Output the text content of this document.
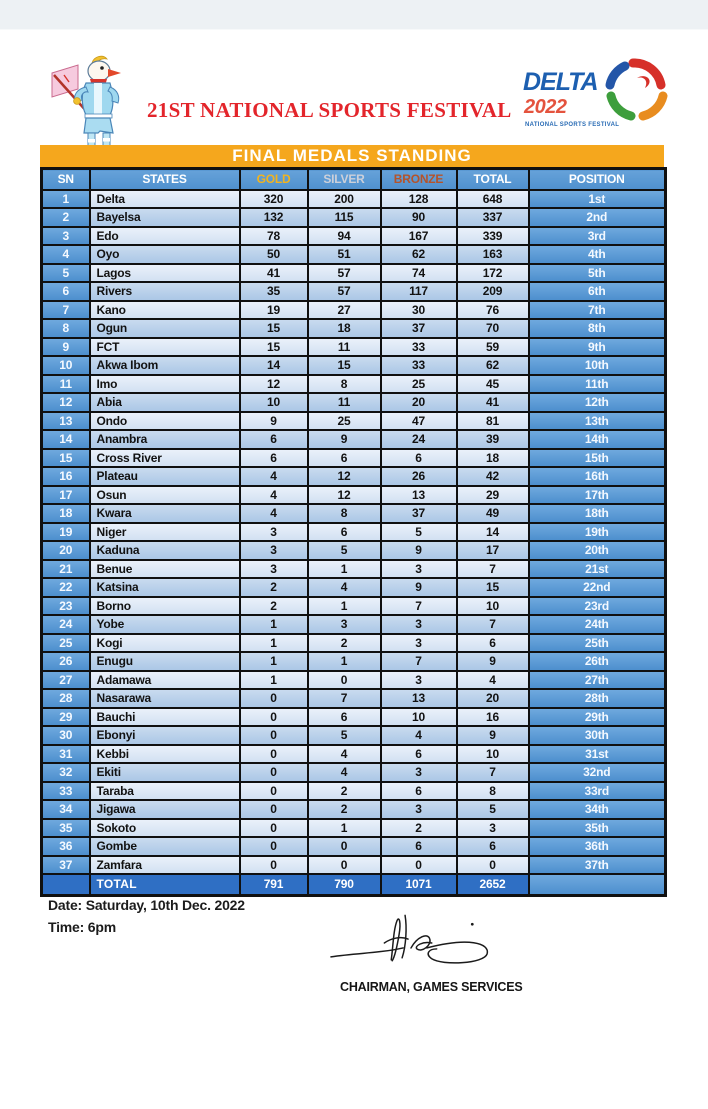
21ST NATIONAL SPORTS FESTIVAL
DELTA
2022
NATIONAL SPORTS FESTIVAL
FINAL MEDALS STANDING
SN	STATES	GOLD	SILVER	BRONZE	TOTAL	POSITION
1	Delta	320	200	128	648	1st
2	Bayelsa	132	115	90	337	2nd
3	Edo	78	94	167	339	3rd
4	Oyo	50	51	62	163	4th
5	Lagos	41	57	74	172	5th
6	Rivers	35	57	117	209	6th
7	Kano	19	27	30	76	7th
8	Ogun	15	18	37	70	8th
9	FCT	15	11	33	59	9th
10	Akwa Ibom	14	15	33	62	10th
11	Imo	12	8	25	45	11th
12	Abia	10	11	20	41	12th
13	Ondo	9	25	47	81	13th
14	Anambra	6	9	24	39	14th
15	Cross River	6	6	6	18	15th
16	Plateau	4	12	26	42	16th
17	Osun	4	12	13	29	17th
18	Kwara	4	8	37	49	18th
19	Niger	3	6	5	14	19th
20	Kaduna	3	5	9	17	20th
21	Benue	3	1	3	7	21st
22	Katsina	2	4	9	15	22nd
23	Borno	2	1	7	10	23rd
24	Yobe	1	3	3	7	24th
25	Kogi	1	2	3	6	25th
26	Enugu	1	1	7	9	26th
27	Adamawa	1	0	3	4	27th
28	Nasarawa	0	7	13	20	28th
29	Bauchi	0	6	10	16	29th
30	Ebonyi	0	5	4	9	30th
31	Kebbi	0	4	6	10	31st
32	Ekiti	0	4	3	7	32nd
33	Taraba	0	2	6	8	33rd
34	Jigawa	0	2	3	5	34th
35	Sokoto	0	1	2	3	35th
36	Gombe	0	0	6	6	36th
37	Zamfara	0	0	0	0	37th
	TOTAL	791	790	1071	2652	
Date: Saturday, 10th Dec. 2022
Time: 6pm
CHAIRMAN, GAMES SERVICES
